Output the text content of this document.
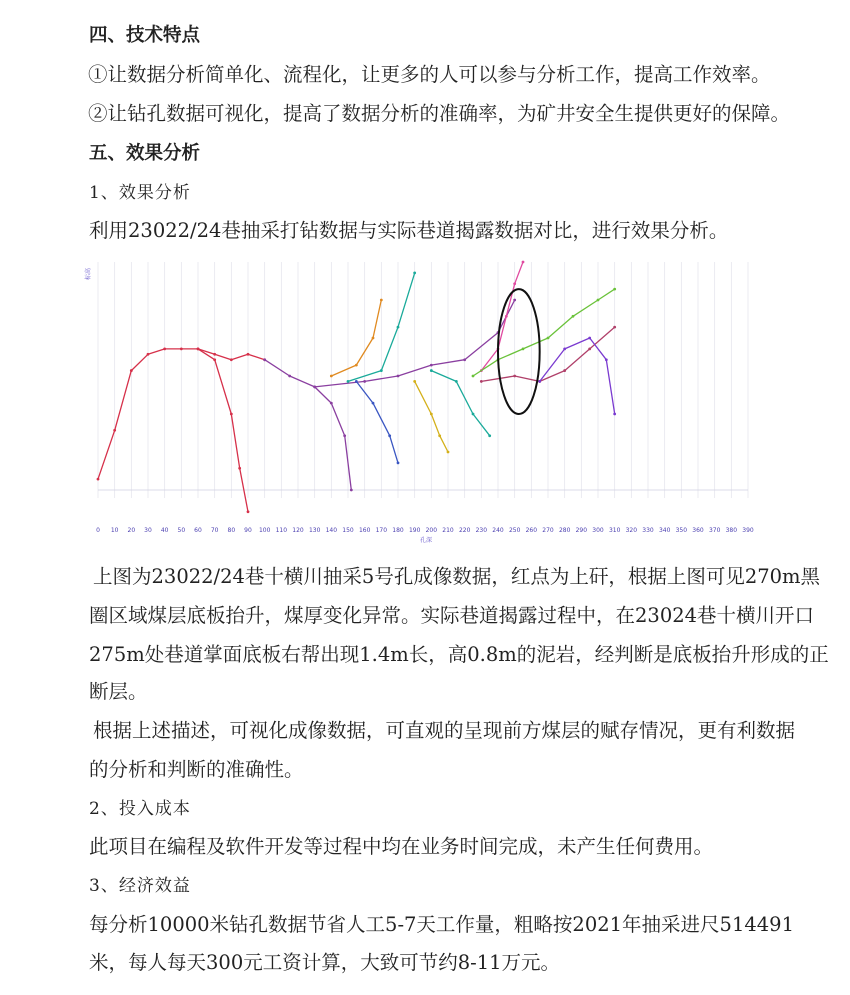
四、技术特点
①让数据分析简单化、流程化，让更多的人可以参与分析工作，提高工作效率。
②让钻孔数据可视化，提高了数据分析的准确率，为矿井安全生提供更好的保障。
五、效果分析
1、效果分析
利用23022/24巷抽采打钻数据与实际巷道揭露数据对比，进行效果分析。
0 10 20 30 40 50 60 70 80 90 100 110 120 130 140 150 160 170 180 190 200 210 220 230 240 250 260 270 280 290 300 310 320 330 340 350 360 370 380 390
孔深
标高
上图为23022/24巷十横川抽采5号孔成像数据，红点为上矸，根据上图可见270m黑
圈区域煤层底板抬升，煤厚变化异常。实际巷道揭露过程中，在23024巷十横川开口
275m处巷道掌面底板右帮出现1.4m长，高0.8m的泥岩，经判断是底板抬升形成的正
断层。
根据上述描述，可视化成像数据，可直观的呈现前方煤层的赋存情况，更有利数据
的分析和判断的准确性。
2、投入成本
此项目在编程及软件开发等过程中均在业务时间完成，未产生任何费用。
3、经济效益
每分析10000米钻孔数据节省人工5-7天工作量，粗略按2021年抽采进尺514491
米，每人每天300元工资计算，大致可节约8-11万元。
